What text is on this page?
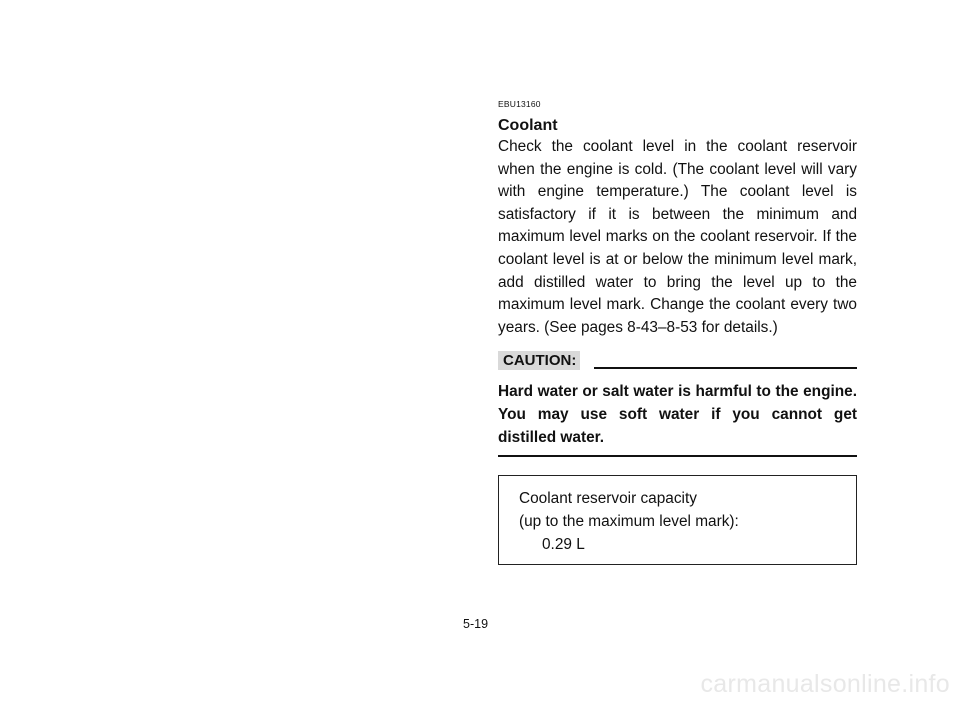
EBU13160
Coolant

Check the coolant level in the coolant reservoir when the engine is cold. (The coolant level will vary with engine temperature.) The coolant level is satisfactory if it is between the minimum and maximum level marks on the coolant reservoir. If the coolant level is at or below the minimum level mark, add distilled water to bring the level up to the maximum level mark. Change the coolant every two years. (See pages 8-43–8-53 for details.)

CAUTION:

Hard water or salt water is harmful to the engine. You may use soft water if you cannot get distilled water.

Coolant reservoir capacity
(up to the maximum level mark):
0.29 L
5-19
carmanualsonline.info
